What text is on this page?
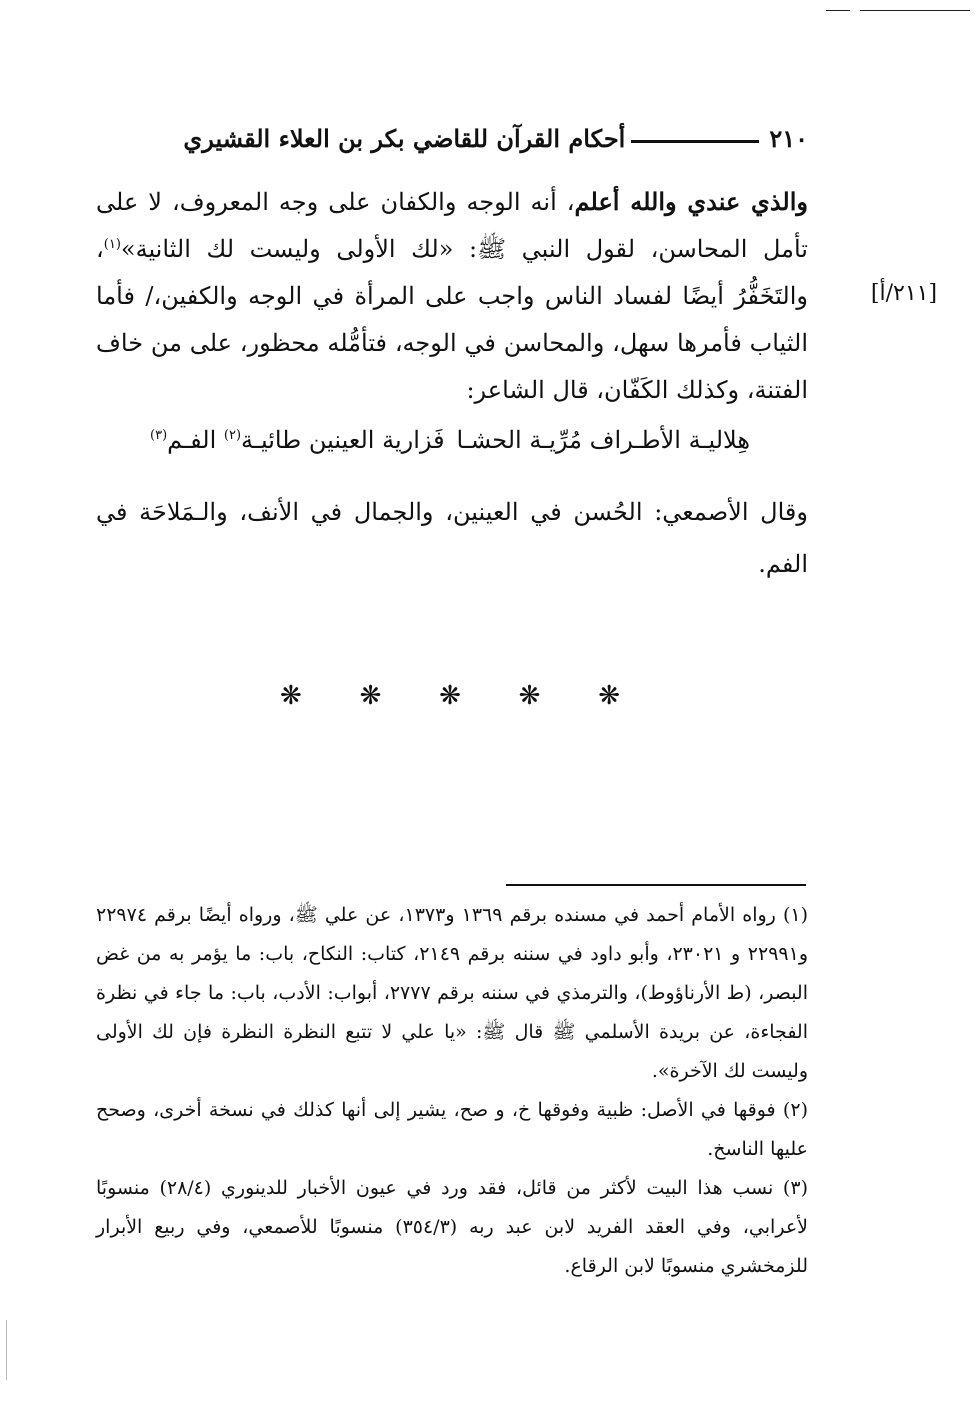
٢١٠
أحكام القرآن للقاضي بكر بن العلاء القشيري
[٢١١/أ]

والذي عندي والله أعلم، أنه الوجه والكفان على وجه المعروف، لا على تأمل المحاسن، لقول النبي ﷺ: «لك الأولى وليست لك الثانية»$^{(١)}$، والتَخَفُّرُ أيضًا لفساد الناس واجب على المرأة في الوجه والكفين،/ فأما الثياب فأمرها سهل، والمحاسن في الوجه، فتأمُّله محظور، على من خاف الفتنة، وكذلك الكَفّان، قال الشاعر:

هِلاليـة الأطـراف مُرِّيـة الحشـا
فَزارية العينين طائيـة$^{(٢)}$ الفـم$^{(٣)}$

وقال الأصمعي: الحُسن في العينين، والجمال في الأنف، والـمَلاحَة في الفم.

❋
❋
❋
❋
❋

(١) رواه الأمام أحمد في مسنده برقم ١٣٦٩ و١٣٧٣، عن علي ﷺ، ورواه أيضًا برقم ٢٢٩٧٤ و٢٢٩٩١ و ٢٣٠٢١، وأبو داود في سننه برقم ٢١٤٩، كتاب: النكاح، باب: ما يؤمر به من غض البصر، (ط الأرناؤوط)، والترمذي في سننه برقم ٢٧٧٧، أبواب: الأدب، باب: ما جاء في نظرة الفجاءة، عن بريدة الأسلمي ﷺ قال ﷺ: «يا علي لا تتبع النظرة النظرة فإن لك الأولى وليست لك الآخرة».

(٢) فوقها في الأصل: ظبية وفوقها خ، و صح، يشير إلى أنها كذلك في نسخة أخرى، وصحح عليها الناسخ.

(٣) نسب هذا البيت لأكثر من قائل، فقد ورد في عيون الأخبار للدينوري (٢٨/٤) منسوبًا لأعرابي، وفي العقد الفريد لابن عبد ربه (٣٥٤/٣) منسوبًا للأصمعي، وفي ربيع الأبرار للزمخشري منسوبًا لابن الرقاع.
